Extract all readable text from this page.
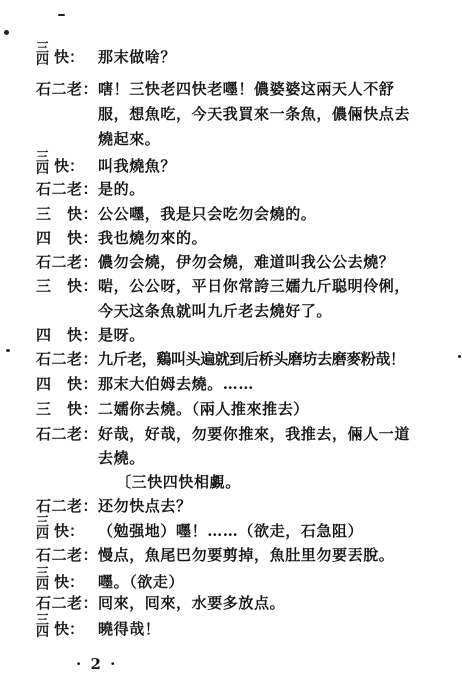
三
四 快： 那末做啥？
石二老： 嗐！三快老四快老嚜！儂婆婆这兩天人不舒
服，想魚吃，今天我買來一条魚，儂倆快点去
燒起來。
三
四 快： 叫我燒魚？
石二老： 是的。
三　快： 公公嚜，我是只会吃勿会燒的。
四　快： 我也燒勿來的。
石二老： 儂勿会燒，伊勿会燒，难道叫我公公去燒？
三　快： 啱，公公呀，平日你常誇三嬬九斤聪明伶俐，
今天这条魚就叫九斤老去燒好了。
四　快： 是呀。
石二老： 九斤老，鷄叫头遍就到后桥头磨坊去磨麥粉哉！
四　快： 那末大伯姆去燒。……
三　快： 二嬬你去燒。（兩人推來推去）
石二老： 好哉，好哉，勿要你推來，我推去，倆人一道
去燒。
〔三快四快相覷。
石二老： 还勿快点去？
三
四 快： （勉强地）嚜！……（欲走，石急阻）
石二老： 慢点，魚尾巴勿要剪掉，魚肚里勿要丟脫。
三
四 快： 嚜。（欲走）
石二老： 囘來，囘來，水要多放点。
三
四 快： 曉得哉！
· 2 ·
